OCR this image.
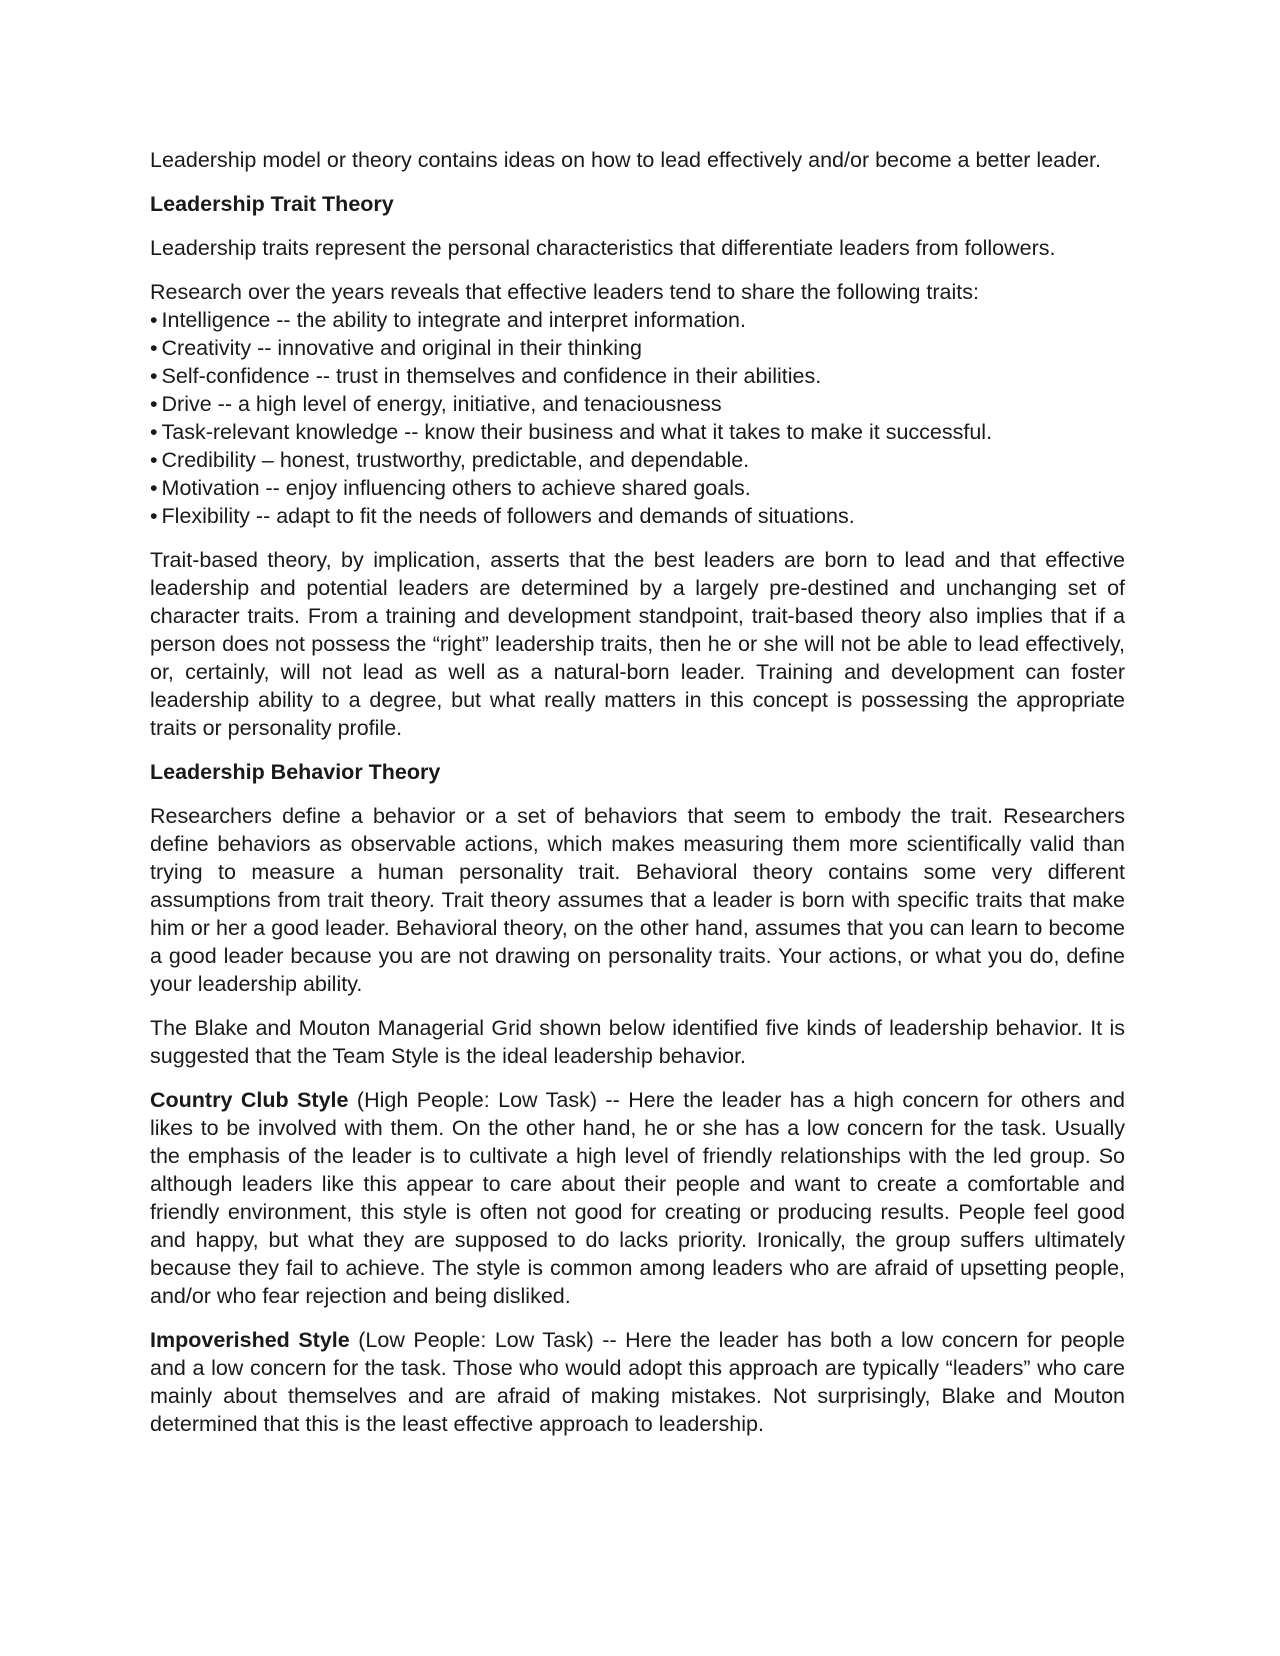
Leadership model or theory contains ideas on how to lead effectively and/or become a better leader.

Leadership Trait Theory

Leadership traits represent the personal characteristics that differentiate leaders from followers.

Research over the years reveals that effective leaders tend to share the following traits:
• Intelligence -- the ability to integrate and interpret information.
• Creativity -- innovative and original in their thinking
• Self-confidence -- trust in themselves and confidence in their abilities.
• Drive -- a high level of energy, initiative, and tenaciousness
• Task-relevant knowledge -- know their business and what it takes to make it successful.
• Credibility – honest, trustworthy, predictable, and dependable.
• Motivation -- enjoy influencing others to achieve shared goals.
• Flexibility -- adapt to fit the needs of followers and demands of situations.

Trait-based theory, by implication, asserts that the best leaders are born to lead and that effective leadership and potential leaders are determined by a largely pre-destined and unchanging set of character traits. From a training and development standpoint, trait-based theory also implies that if a person does not possess the “right” leadership traits, then he or she will not be able to lead effectively, or, certainly, will not lead as well as a natural-born leader. Training and development can foster leadership ability to a degree, but what really matters in this concept is possessing the appropriate traits or personality profile.

Leadership Behavior Theory

Researchers define a behavior or a set of behaviors that seem to embody the trait. Researchers define behaviors as observable actions, which makes measuring them more scientifically valid than trying to measure a human personality trait. Behavioral theory contains some very different assumptions from trait theory. Trait theory assumes that a leader is born with specific traits that make him or her a good leader. Behavioral theory, on the other hand, assumes that you can learn to become a good leader because you are not drawing on personality traits. Your actions, or what you do, define your leadership ability.

The Blake and Mouton Managerial Grid shown below identified five kinds of leadership behavior. It is suggested that the Team Style is the ideal leadership behavior.

Country Club Style (High People: Low Task) -- Here the leader has a high concern for others and likes to be involved with them. On the other hand, he or she has a low concern for the task. Usually the emphasis of the leader is to cultivate a high level of friendly relationships with the led group. So although leaders like this appear to care about their people and want to create a comfortable and friendly environment, this style is often not good for creating or producing results. People feel good and happy, but what they are supposed to do lacks priority. Ironically, the group suffers ultimately because they fail to achieve. The style is common among leaders who are afraid of upsetting people, and/or who fear rejection and being disliked.

Impoverished Style (Low People: Low Task) -- Here the leader has both a low concern for people and a low concern for the task. Those who would adopt this approach are typically “leaders” who care mainly about themselves and are afraid of making mistakes. Not surprisingly, Blake and Mouton determined that this is the least effective approach to leadership.
